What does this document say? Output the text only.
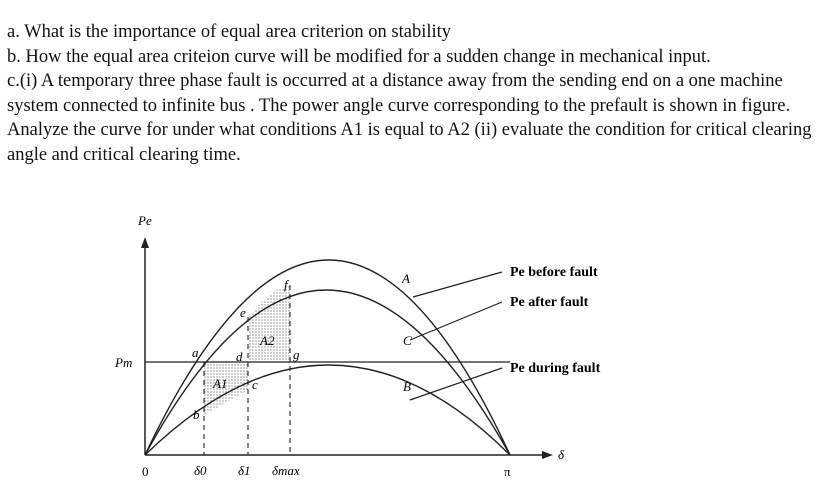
a. What is the importance of equal area criterion on stability

b. How the equal area criteion curve will be modified for a sudden change in mechanical input.

c.(i) A temporary three phase fault is occurred at a distance away from the sending end on a one machine system connected to infinite bus . The power angle curve corresponding to the prefault is shown in figure. Analyze the curve for under what conditions A1 is equal to A2 (ii) evaluate the condition for critical clearing angle and critical clearing time.

Pe
Pm
0	π
δ
δ0 δ1 δmax
a
b
c
d
e
f
g
A1
A2
A
C
B
Pe before fault
Pe after fault
Pe during fault
